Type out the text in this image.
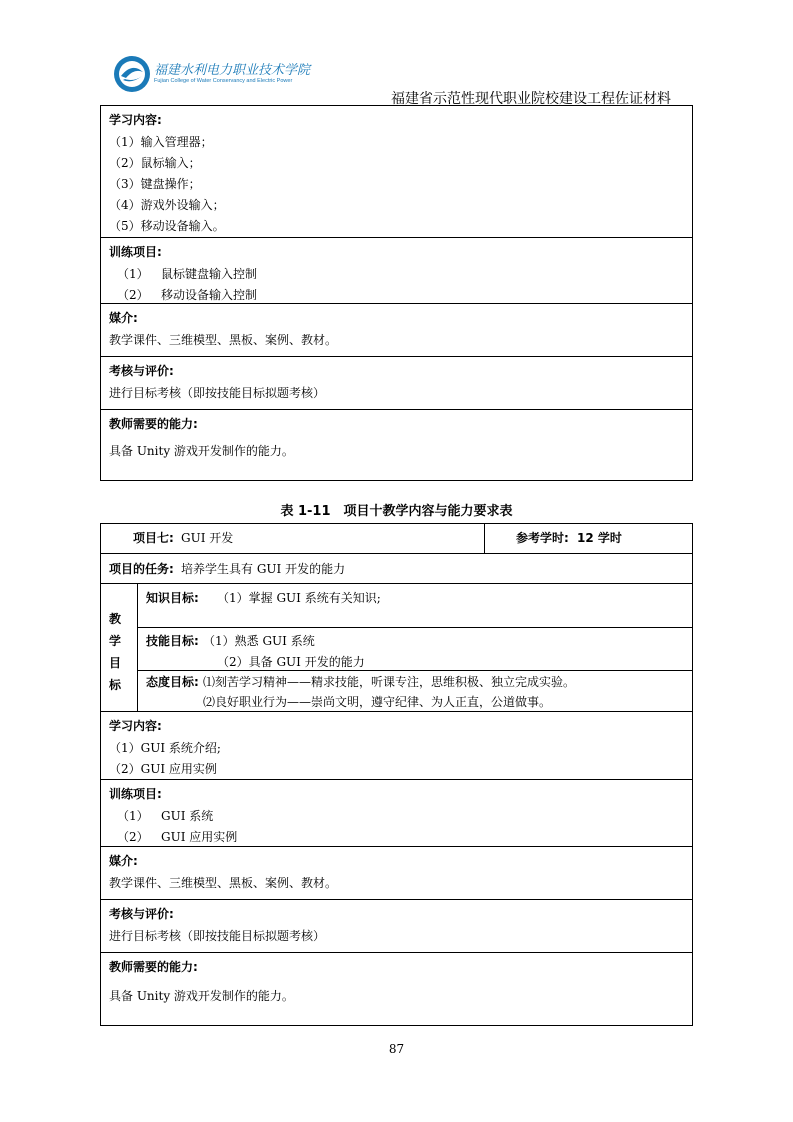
福建水利电力职业技术学院
Fujian College of Water Conservancy and Electric Power
福建省示范性现代职业院校建设工程佐证材料
学习内容:
（1）输入管理器；
（2）鼠标输入；
（3）键盘操作；
（4）游戏外设输入；
（5）移动设备输入。
训练项目:
（1） 鼠标键盘输入控制
（2） 移动设备输入控制
媒介:
教学课件、三维模型、黑板、案例、教材。
考核与评价:
进行目标考核（即按技能目标拟题考核）
教师需要的能力:
具备 Unity 游戏开发制作的能力。
表 1-11　项目十教学内容与能力要求表
项目七: GUI 开发	参考学时: 12 学时
项目的任务: 培养学生具有 GUI 开发的能力
教
学
目
标
知识目标: （1）掌握 GUI 系统有关知识;
技能目标: （1）熟悉 GUI 系统
（2）具备 GUI 开发的能力
态度目标: ⑴刻苦学习精神——精求技能，听课专注，思维积极、独立完成实验。
⑵良好职业行为——崇尚文明，遵守纪律、为人正直，公道做事。
学习内容:
（1）GUI 系统介绍;
（2）GUI 应用实例
训练项目:
（1） GUI 系统
（2） GUI 应用实例
媒介:
教学课件、三维模型、黑板、案例、教材。
考核与评价:
进行目标考核（即按技能目标拟题考核）
教师需要的能力:
具备 Unity 游戏开发制作的能力。
87
